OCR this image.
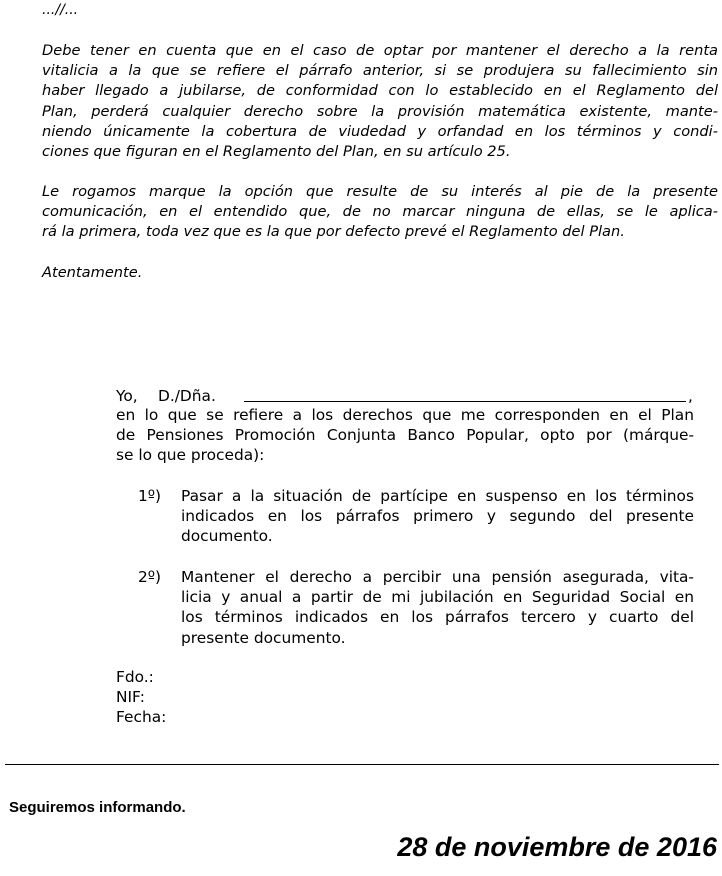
...//...
Debe tener en cuenta que en el caso de optar por mantener el derecho a la renta
vitalicia a la que se refiere el párrafo anterior, si se produjera su fallecimiento sin
haber llegado a jubilarse, de conformidad con lo establecido en el Reglamento del
Plan, perderá cualquier derecho sobre la provisión matemática existente, mante-
niendo únicamente la cobertura de viudedad y orfandad en los términos y condi-
ciones que figuran en el Reglamento del Plan, en su artículo 25.
Le rogamos marque la opción que resulte de su interés al pie de la presente
comunicación, en el entendido que, de no marcar ninguna de ellas, se le aplica-
rá la primera, toda vez que es la que por defecto prevé el Reglamento del Plan.
Atentamente.
Yo, D./Dña.	,
en lo que se refiere a los derechos que me corresponden en el Plan
de Pensiones Promoción Conjunta Banco Popular, opto por (márque-
se lo que proceda):
1º) Pasar a la situación de partícipe en suspenso en los términos
indicados en los párrafos primero y segundo del presente
documento.
2º) Mantener el derecho a percibir una pensión asegurada, vita-
licia y anual a partir de mi jubilación en Seguridad Social en
los términos indicados en los párrafos tercero y cuarto del
presente documento.
Fdo.:
NIF:
Fecha:
Seguiremos informando.
28 de noviembre de 2016
